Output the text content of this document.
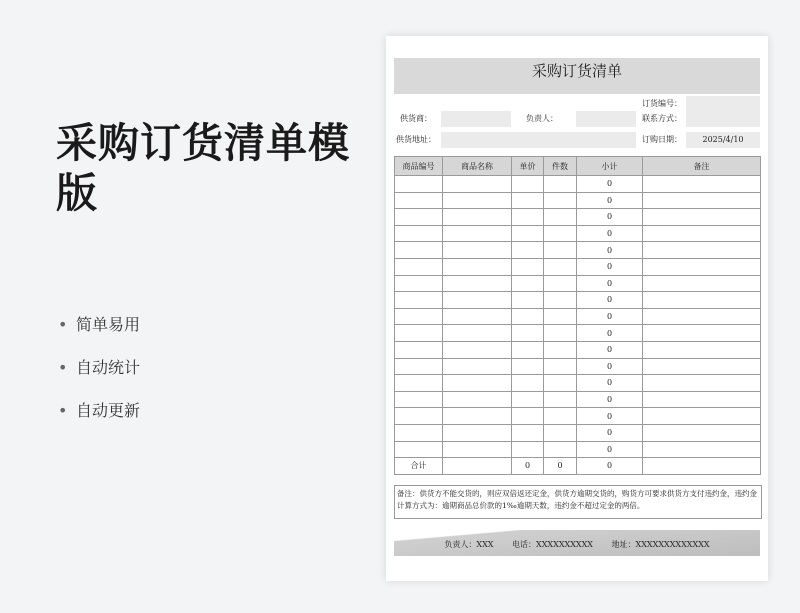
采购订货清单模版
• 简单易用
• 自动统计
• 自动更新
采购订货清单
订货编号：
供货商：	负责人：	联系方式：
供货地址：	订购日期：	2025/4/10
商品编号	商品名称	单价	件数	小计	备注
				0	
				0	
				0	
				0	
				0	
				0	
				0	
				0	
				0	
				0	
				0	
				0	
				0	
				0	
				0	
				0	
				0	
合计		0	0	0	
备注：供货方不能交货的，则应双倍返还定金，供货方逾期交货的，购货方可要求供货方支付违约金，违约金计算方式为：逾期商品总价款的1‰逾期天数，违约金不超过定金的两倍。
负责人：XXX 电话：XXXXXXXXXX 地址：XXXXXXXXXXXXX
